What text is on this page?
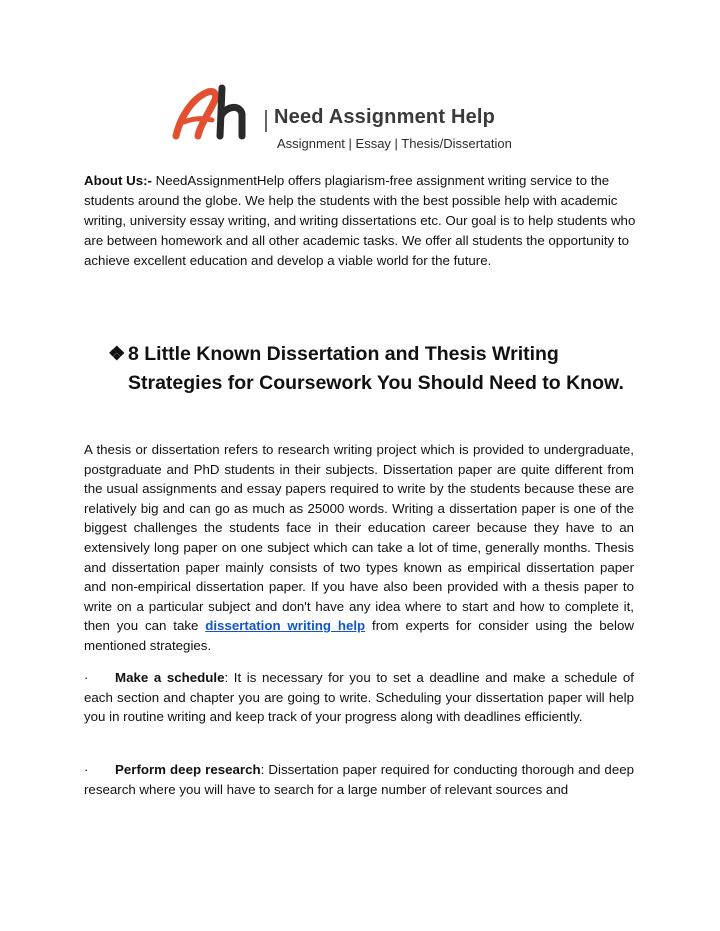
Need Assignment Help
Assignment | Essay | Thesis/Dissertation
About Us:- NeedAssignmentHelp offers plagiarism-free assignment writing service to the students around the globe. We help the students with the best possible help with academic writing, university essay writing, and writing dissertations etc. Our goal is to help students who are between homework and all other academic tasks. We offer all students the opportunity to achieve excellent education and develop a viable world for the future.
❖ 8 Little Known Dissertation and Thesis Writing Strategies for Coursework You Should Need to Know.
A thesis or dissertation refers to research writing project which is provided to undergraduate, postgraduate and PhD students in their subjects. Dissertation paper are quite different from the usual assignments and essay papers required to write by the students because these are relatively big and can go as much as 25000 words. Writing a dissertation paper is one of the biggest challenges the students face in their education career because they have to an extensively long paper on one subject which can take a lot of time, generally months. Thesis and dissertation paper mainly consists of two types known as empirical dissertation paper and non-empirical dissertation paper. If you have also been provided with a thesis paper to write on a particular subject and don't have any idea where to start and how to complete it, then you can take dissertation writing help from experts for consider using the below mentioned strategies.
· Make a schedule: It is necessary for you to set a deadline and make a schedule of each section and chapter you are going to write. Scheduling your dissertation paper will help you in routine writing and keep track of your progress along with deadlines efficiently.
· Perform deep research: Dissertation paper required for conducting thorough and deep research where you will have to search for a large number of relevant sources and
